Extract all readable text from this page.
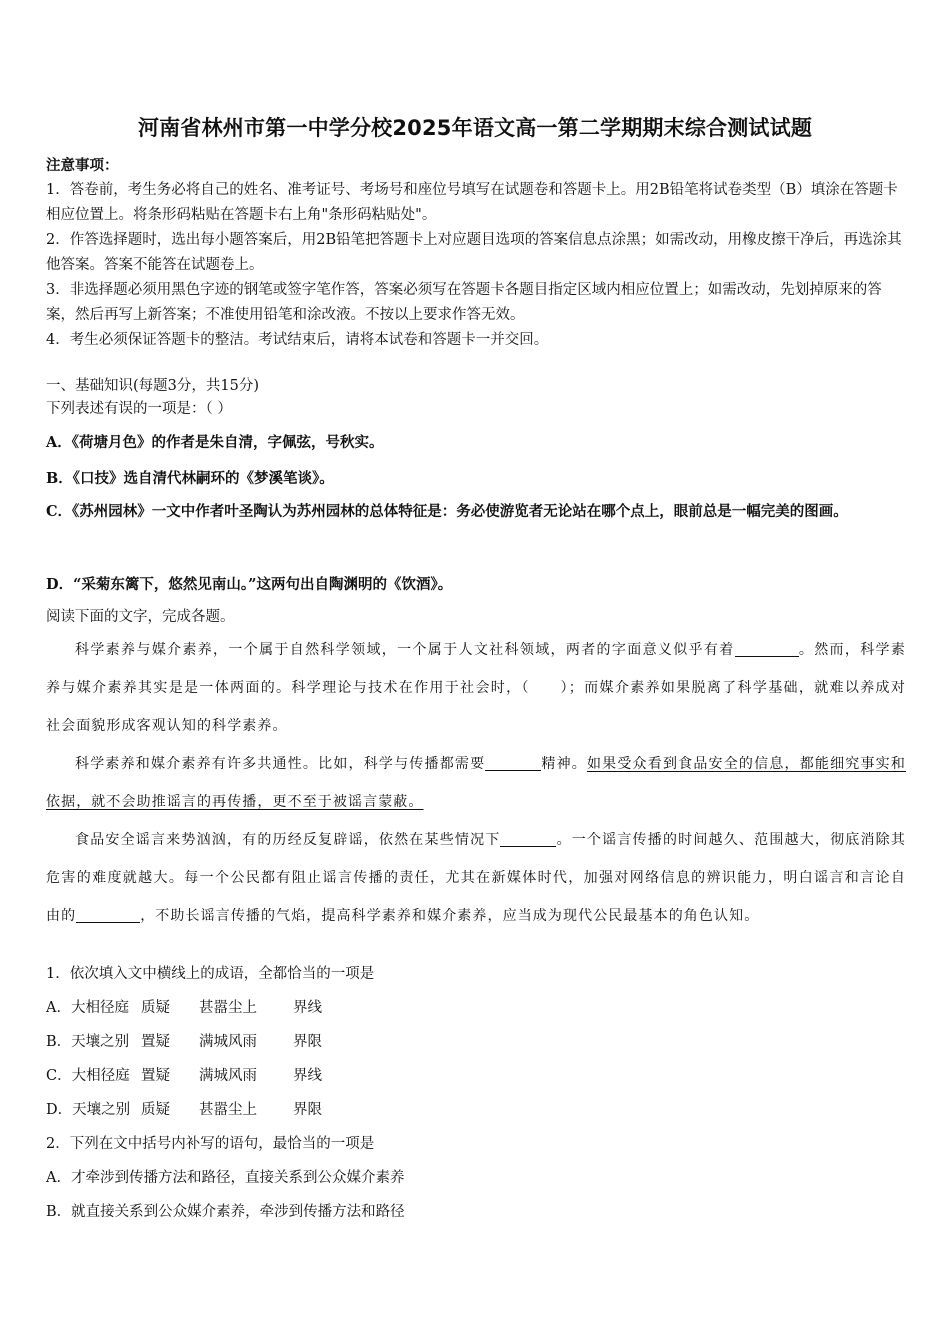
河南省林州市第一中学分校2025年语文高一第二学期期末综合测试试题

注意事项：

1．答卷前，考生务必将自己的姓名、准考证号、考场号和座位号填写在试题卷和答题卡上。用2B铅笔将试卷类型（B）填涂在答题卡相应位置上。将条形码粘贴在答题卡右上角"条形码粘贴处"。

2．作答选择题时，选出每小题答案后，用2B铅笔把答题卡上对应题目选项的答案信息点涂黑；如需改动，用橡皮擦干净后，再选涂其他答案。答案不能答在试题卷上。

3．非选择题必须用黑色字迹的钢笔或签字笔作答，答案必须写在答题卡各题目指定区域内相应位置上；如需改动，先划掉原来的答案，然后再写上新答案；不准使用铅笔和涂改液。不按以上要求作答无效。

4．考生必须保证答题卡的整洁。考试结束后，请将本试卷和答题卡一并交回。

一、基础知识(每题3分，共15分)
下列表述有误的一项是：（ ）
A．《荷塘月色》的作者是朱自清，字佩弦，号秋实。
B．《口技》选自清代林嗣环的《梦溪笔谈》。
C．《苏州园林》一文中作者叶圣陶认为苏州园林的总体特征是：务必使游览者无论站在哪个点上，眼前总是一幅完美的图画。
D．“采菊东篱下，悠然见南山。”这两句出自陶渊明的《饮酒》。
阅读下面的文字，完成各题。

科学素养与媒介素养，一个属于自然科学领域，一个属于人文社科领域，两者的字面意义似乎有着	。然而，科学素养与媒介素养其实是是一体两面的。科学理论与技术在作用于社会时，（　　）；而媒介素养如果脱离了科学基础，就难以养成对社会面貌形成客观认知的科学素养。

科学素养和媒介素养有许多共通性。比如，科学与传播都需要	精神。如果受众看到食品安全的信息，都能细究事实和依据，就不会助推谣言的再传播，更不至于被谣言蒙蔽。

食品安全谣言来势汹汹，有的历经反复辟谣，依然在某些情况下	。一个谣言传播的时间越久、范围越大，彻底消除其危害的难度就越大。每一个公民都有阻止谣言传播的责任，尤其在新媒体时代，加强对网络信息的辨识能力，明白谣言和言论自由的	，不助长谣言传播的气焰，提高科学素养和媒介素养，应当成为现代公民最基本的角色认知。

1．依次填入文中横线上的成语，全都恰当的一项是

A．大相径庭 质疑 甚嚣尘上 界线

B．天壤之别 置疑 满城风雨 界限

C．大相径庭 置疑 满城风雨 界线

D．天壤之别 质疑 甚嚣尘上 界限

2．下列在文中括号内补写的语句，最恰当的一项是

A．才牵涉到传播方法和路径，直接关系到公众媒介素养

B．就直接关系到公众媒介素养，牵涉到传播方法和路径
